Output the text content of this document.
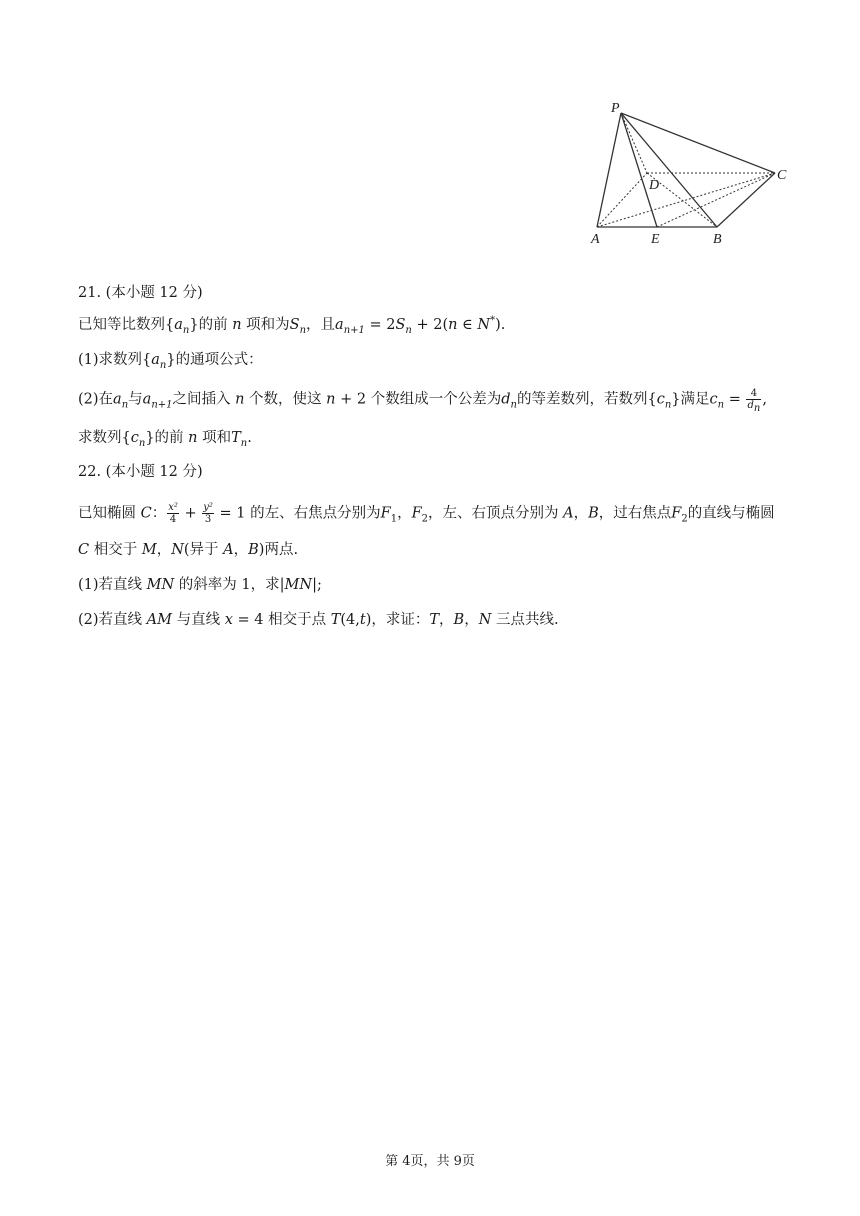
P
D
C
A	E	B
21. (本小题 12 分)
已知等比数列$\{a_n\}$的前 n 项和为$S_n$，且$a_{n+1} = 2S_n + 2(n$ ∈ N*).
(1)求数列$\{a_n\}$的通项公式：
(2)在$a_n$与$a_{n+1}$之间插入 n 个数，使这 n + 2 个数组成一个公差为$d_n$的等差数列，若数列$\{c_n\}$满足$c_n = \frac{4}{d_n}$ ,
求数列$\{c_n\}$的前 n 项和$T_n$.
22. (本小题 12 分)
已知椭圆 C： $\frac{\text{x²}}{4} + \frac{\text{y²}}{3} = 1$ 的左、右焦点分别为$F_1$，$F_2$，左、右顶点分别为 A，B，过右焦点$F_2$的直线与椭圆
C 相交于 M，N(异于 A，B)两点.
(1)若直线 MN 的斜率为 1，求|MN|;
(2)若直线 AM 与直线 x = 4 相交于点 T(4,t)，求证：T，B，N 三点共线.
第 4页，共 9页
